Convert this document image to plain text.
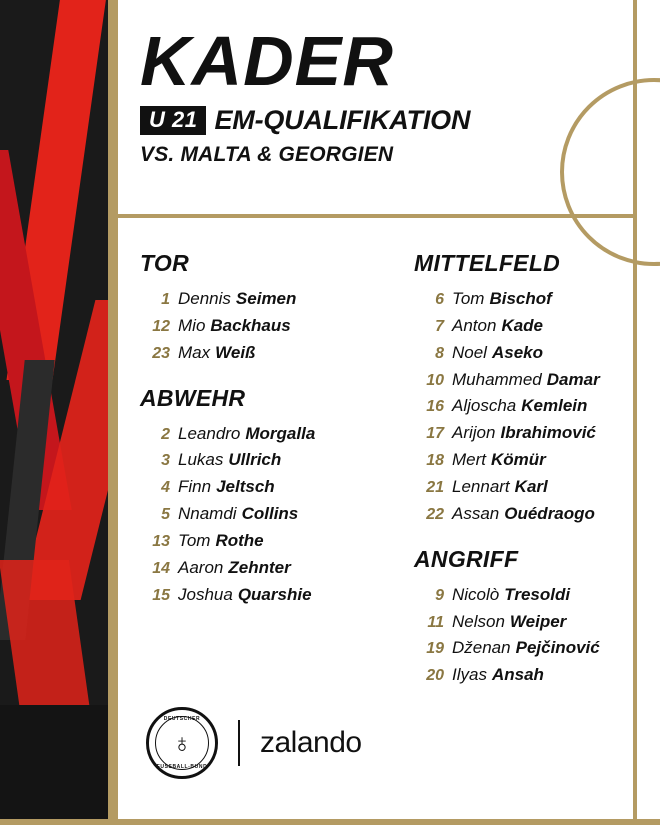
KADER
U 21 EM-QUALIFIKATION
VS. MALTA & GEORGIEN
TOR
1 Dennis Seimen
12 Mio Backhaus
23 Max Weiß
ABWEHR
2 Leandro Morgalla
3 Lukas Ullrich
4 Finn Jeltsch
5 Nnamdi Collins
13 Tom Rothe
14 Aaron Zehnter
15 Joshua Quarshie
MITTELFELD
6 Tom Bischof
7 Anton Kade
8 Noel Aseko
10 Muhammed Damar
16 Aljoscha Kemlein
17 Arijon Ibrahimović
18 Mert Kömür
21 Lennart Karl
22 Assan Ouédraogo
ANGRIFF
9 Nicolò Tresoldi
11 Nelson Weiper
19 Dženan Pejčinović
20 Ilyas Ansah
DEUTSCHER
♁
FUSSBALL-BUND
zalando
